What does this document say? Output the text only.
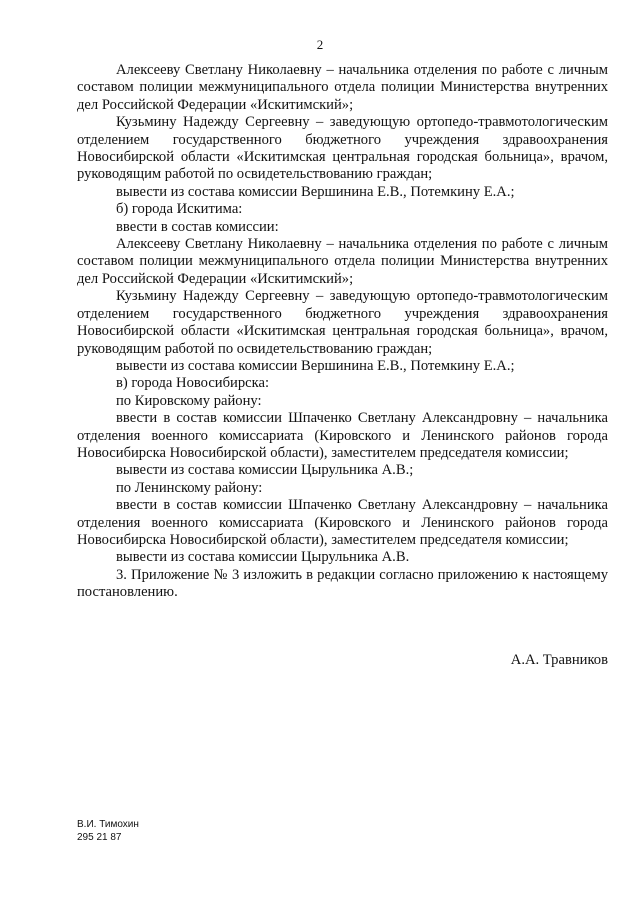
2

Алексееву Светлану Николаевну – начальника отделения по работе с личным составом полиции межмуниципального отдела полиции Министерства внутренних дел Российской Федерации «Искитимский»;

Кузьмину Надежду Сергеевну – заведующую ортопедо-травмотологическим отделением государственного бюджетного учреждения здравоохранения Новосибирской области «Искитимская центральная городская больница», врачом, руководящим работой по освидетельствованию граждан;

вывести из состава комиссии Вершинина Е.В., Потемкину Е.А.;

б) города Искитима:

ввести в состав комиссии:

Алексееву Светлану Николаевну – начальника отделения по работе с личным составом полиции межмуниципального отдела полиции Министерства внутренних дел Российской Федерации «Искитимский»;

Кузьмину Надежду Сергеевну – заведующую ортопедо-травмотологическим отделением государственного бюджетного учреждения здравоохранения Новосибирской области «Искитимская центральная городская больница», врачом, руководящим работой по освидетельствованию граждан;

вывести из состава комиссии Вершинина Е.В., Потемкину Е.А.;

в) города Новосибирска:

по Кировскому району:

ввести в состав комиссии Шпаченко Светлану Александровну – начальника отделения военного комиссариата (Кировского и Ленинского районов города Новосибирска Новосибирской области), заместителем председателя комиссии;

вывести из состава комиссии Цырульника А.В.;

по Ленинскому району:

ввести в состав комиссии Шпаченко Светлану Александровну – начальника отделения военного комиссариата (Кировского и Ленинского районов города Новосибирска Новосибирской области), заместителем председателя комиссии;

вывести из состава комиссии Цырульника А.В.

3. Приложение № 3 изложить в редакции согласно приложению к настоящему постановлению.

А.А. Травников
В.И. Тимохин
295 21 87
